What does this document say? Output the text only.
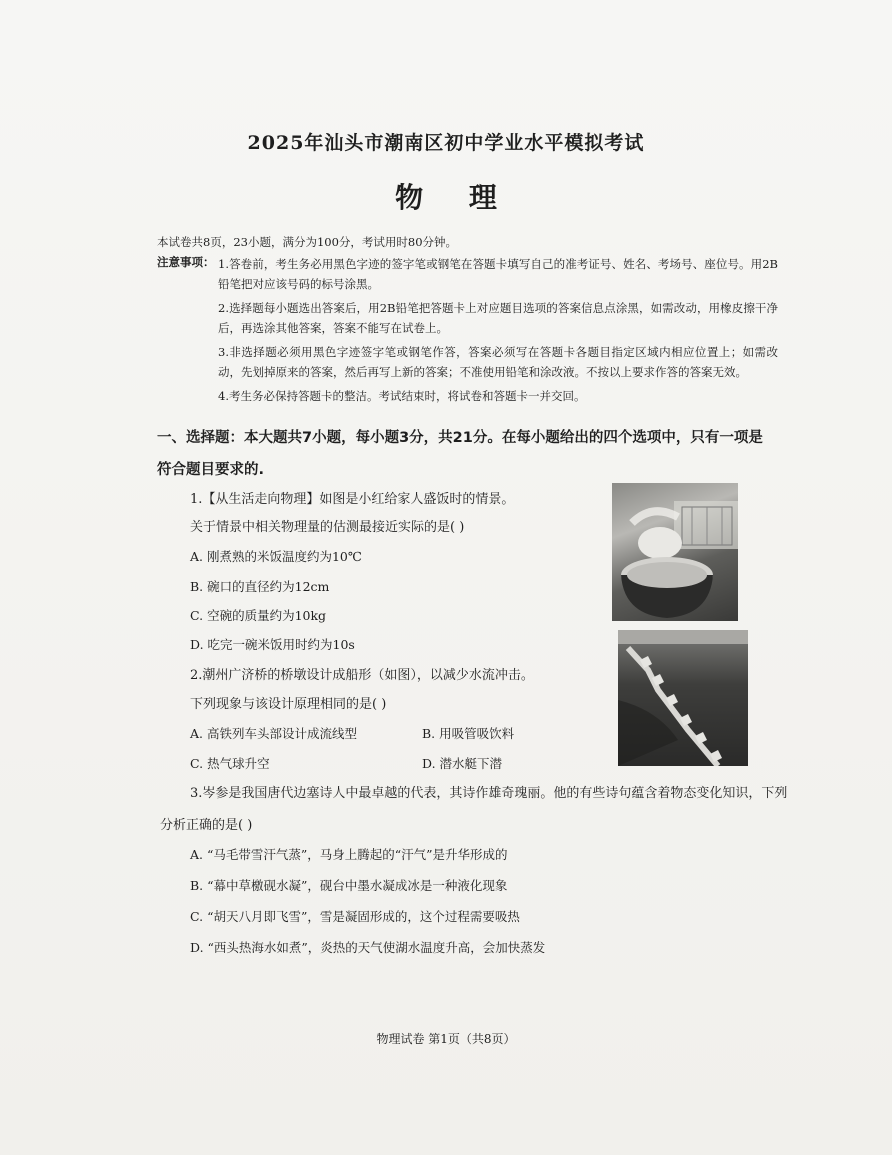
2025年汕头市潮南区初中学业水平模拟考试
物 理
本试卷共8页，23小题，满分为100分，考试用时80分钟。
注意事项： 1.答卷前，考生务必用黑色字迹的签字笔或钢笔在答题卡填写自己的准考证号、姓名、考场号、座位号。用2B铅笔把对应该号码的标号涂黑。
2.选择题每小题选出答案后，用2B铅笔把答题卡上对应题目选项的答案信息点涂黑，如需改动，用橡皮擦干净后，再选涂其他答案，答案不能写在试卷上。
3.非选择题必须用黑色字迹签字笔或钢笔作答，答案必须写在答题卡各题目指定区域内相应位置上；如需改动，先划掉原来的答案，然后再写上新的答案；不准使用铅笔和涂改液。不按以上要求作答的答案无效。
4.考生务必保持答题卡的整洁。考试结束时，将试卷和答题卡一并交回。
一、选择题：本大题共7小题，每小题3分，共21分。在每小题给出的四个选项中，只有一项是
符合题目要求的.
1.【从生活走向物理】如图是小红给家人盛饭时的情景。
关于情景中相关物理量的估测最接近实际的是( )
A. 刚煮熟的米饭温度约为10℃
B. 碗口的直径约为12cm
C. 空碗的质量约为10kg
D. 吃完一碗米饭用时约为10s
2.潮州广济桥的桥墩设计成船形（如图），以减少水流冲击。
下列现象与该设计原理相同的是( )
A. 高铁列车头部设计成流线型	B. 用吸管吸饮料
C. 热气球升空	D. 潜水艇下潜
3.岑参是我国唐代边塞诗人中最卓越的代表，其诗作雄奇瑰丽。他的有些诗句蕴含着物态变化知识，下列
分析正确的是( )
A. “马毛带雪汗气蒸”，马身上腾起的“汗气”是升华形成的
B. “幕中草檄砚水凝”，砚台中墨水凝成冰是一种液化现象
C. “胡天八月即飞雪”，雪是凝固形成的，这个过程需要吸热
D. “西头热海水如煮”，炎热的天气使湖水温度升高，会加快蒸发
物理试卷 第1页（共8页）
